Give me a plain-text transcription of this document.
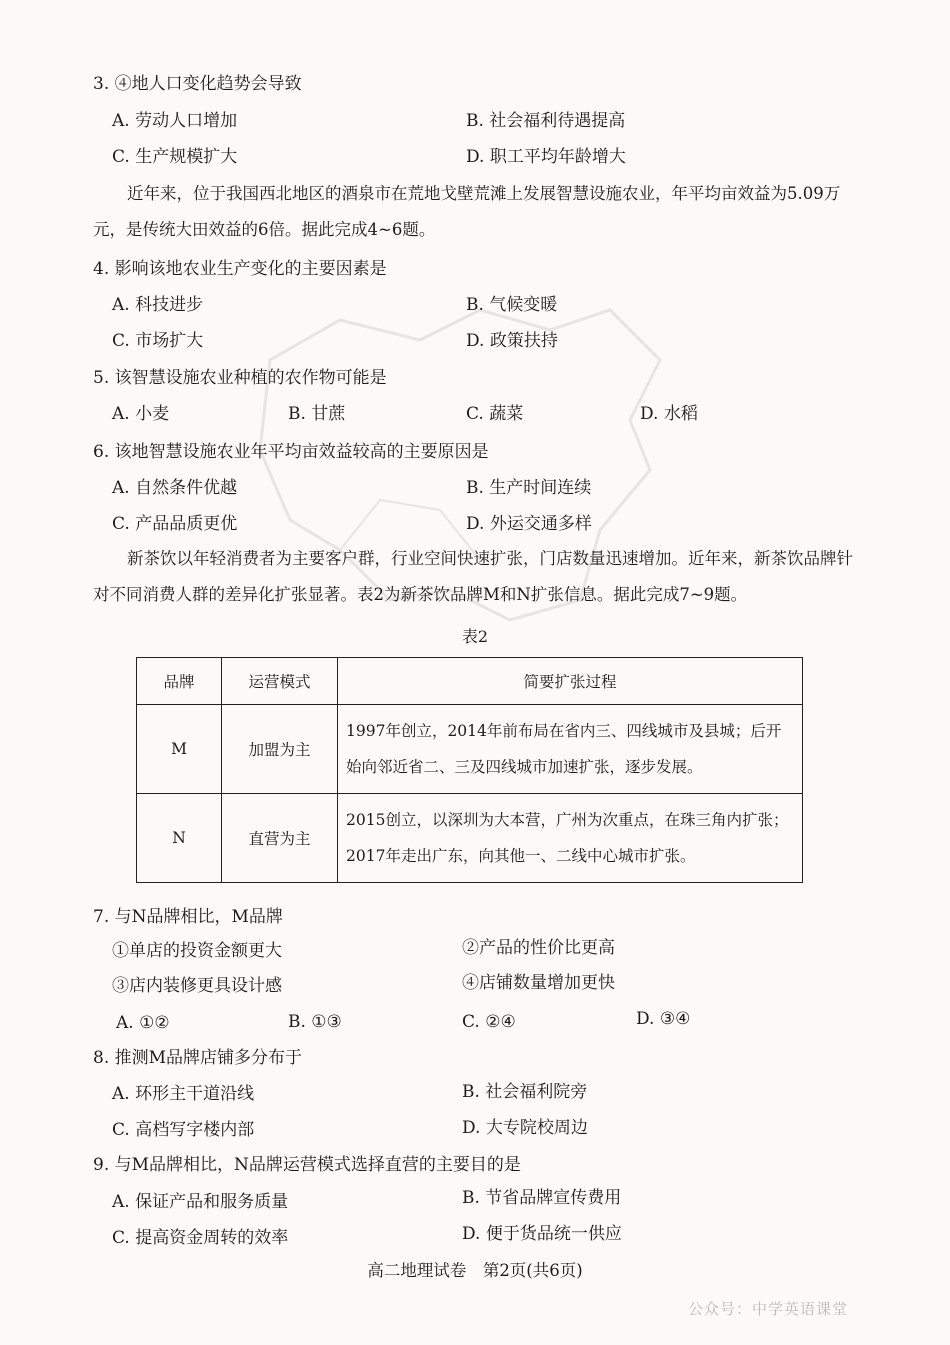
3. ④地人口变化趋势会导致
A. 劳动人口增加	B. 社会福利待遇提高
C. 生产规模扩大	D. 职工平均年龄增大
近年来，位于我国西北地区的酒泉市在荒地戈壁荒滩上发展智慧设施农业，年平均亩效益为5.09万元，是传统大田效益的6倍。据此完成4~6题。
4. 影响该地农业生产变化的主要因素是
A. 科技进步	B. 气候变暖
C. 市场扩大	D. 政策扶持
5. 该智慧设施农业种植的农作物可能是
A. 小麦	B. 甘蔗	C. 蔬菜	D. 水稻
6. 该地智慧设施农业年平均亩效益较高的主要原因是
A. 自然条件优越	B. 生产时间连续
C. 产品品质更优	D. 外运交通多样
新茶饮以年轻消费者为主要客户群，行业空间快速扩张，门店数量迅速增加。近年来，新茶饮品牌针对不同消费人群的差异化扩张显著。表2为新茶饮品牌M和N扩张信息。据此完成7~9题。
表2
品牌	运营模式	简要扩张过程
M	加盟为主	1997年创立，2014年前布局在省内三、四线城市及县城；后开始向邻近省二、三及四线城市加速扩张，逐步发展。
N	直营为主	2015创立，以深圳为大本营，广州为次重点，在珠三角内扩张；2017年走出广东，向其他一、二线中心城市扩张。
7. 与N品牌相比，M品牌
①单店的投资金额更大	②产品的性价比更高
③店内装修更具设计感	④店铺数量增加更快
A. ①②	B. ①③	C. ②④	D. ③④
8. 推测M品牌店铺多分布于
A. 环形主干道沿线	B. 社会福利院旁
C. 高档写字楼内部	D. 大专院校周边
9. 与M品牌相比，N品牌运营模式选择直营的主要目的是
A. 保证产品和服务质量	B. 节省品牌宣传费用
C. 提高资金周转的效率	D. 便于货品统一供应
高二地理试卷　第2页(共6页)
公众号：中学英语课堂
